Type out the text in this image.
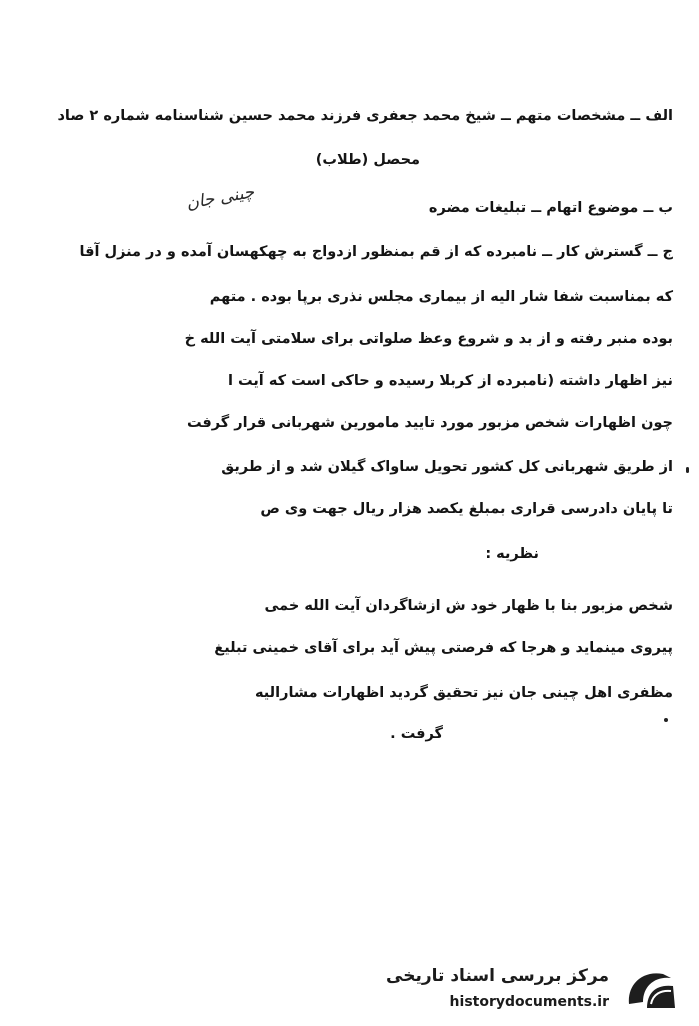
الف ــ مشخصات متهم ــ شیخ محمد جعفری فرزند محمد حسین شناسنامه شماره ۲ صاد
محصل (طلاب)
ب ــ موضوع اتهام ــ تبلیغات مضره
چینی جان
ج ــ گسترش کار ــ نامبرده که از قم بمنظور ازدواج به چهکهسان آمده و در منزل آقا
که بمناسبت شفا شار الیه از بیماری مجلس نذری برپا بوده . متهم
بوده منبر رفته و از بد و شروع وعظ صلواتی برای سلامتی آیت الله خ
نیز اظهار داشته (نامبرده از کربلا رسیده و حاکی است که آیت ا
چون اظهارات شخص مزبور مورد تایید مامورین شهربانی قرار گرفت
از طریق شهربانی کل کشور تحویل ساواک گیلان شد و از طریق
تا پایان دادرسی قراری بمبلغ یکصد هزار ریال جهت وی ص
نظریه :
شخص مزبور بنا با ظهار خود ش ازشاگردان آیت الله خمی
پیروی مینماید و هرجا که فرصتی پیش آید برای آقای خمینی تبلیغ
مظفری اهل چینی جان نیز تحقیق گردید اظهارات مشارالیه
گرفت .
مرکز بررسی اسناد تاریخی
historydocuments.ir
